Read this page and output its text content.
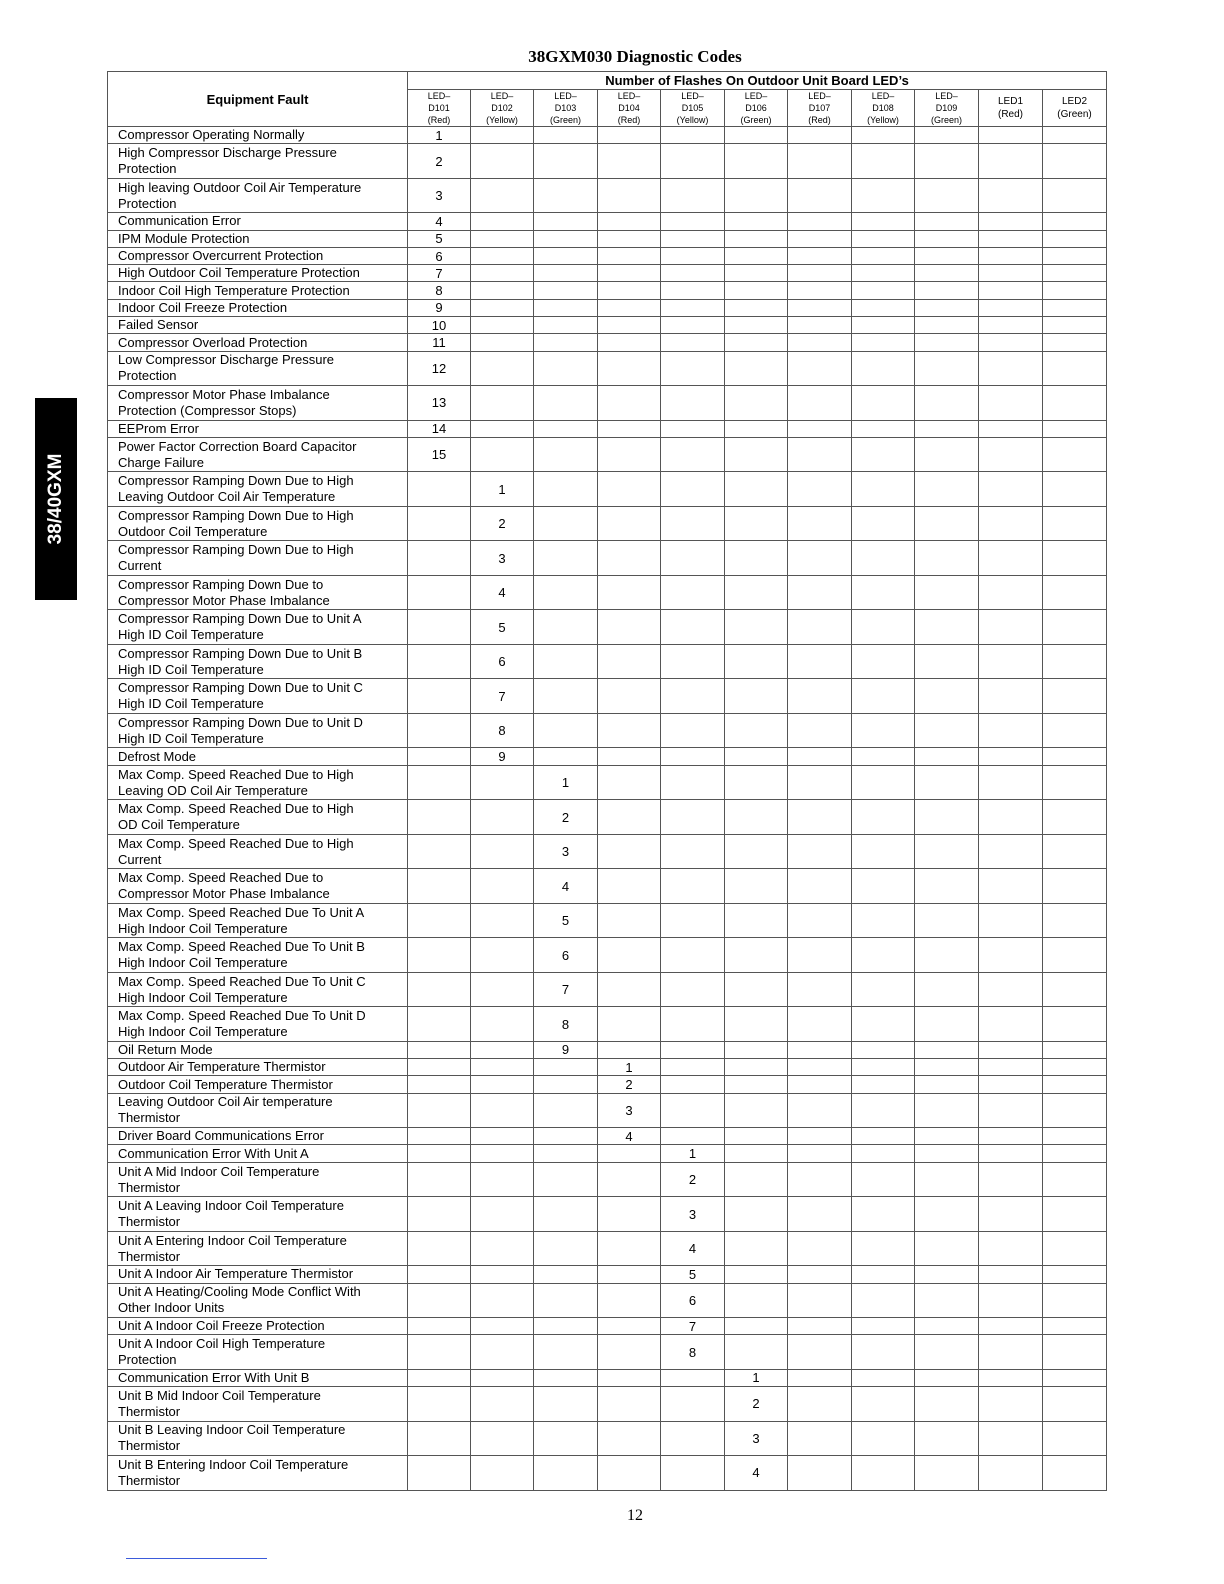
38GXM030 Diagnostic Codes
38/40GXM
Equipment Fault	Number of Flashes On Outdoor Unit Board LED’s										

	LED–
D101
(Red)	LED–
D102
(Yellow)	LED–
D103
(Green)	LED–
D104
(Red)	LED–
D105
(Yellow)	LED–
D106
(Green)	LED–
D107
(Red)	LED–
D108
(Yellow)	LED–
D109
(Green)	LED1
(Red)	LED2
(Green)

Compressor Operating Normally	1										
High Compressor Discharge Pressure
Protection	2										
High leaving Outdoor Coil Air Temperature
Protection	3										
Communication Error	4										
IPM Module Protection	5										
Compressor Overcurrent Protection	6										
High Outdoor Coil Temperature Protection	7										
Indoor Coil High Temperature Protection	8										
Indoor Coil Freeze Protection	9										
Failed Sensor	10										
Compressor Overload Protection	11										
Low Compressor Discharge Pressure
Protection	12										
Compressor Motor Phase Imbalance
Protection (Compressor Stops)	13										
EEProm Error	14										
Power Factor Correction Board Capacitor
Charge Failure	15										
Compressor Ramping Down Due to High
Leaving Outdoor Coil Air Temperature		1									
Compressor Ramping Down Due to High
Outdoor Coil Temperature		2									
Compressor Ramping Down Due to High
Current		3									
Compressor Ramping Down Due to
Compressor Motor Phase Imbalance		4									
Compressor Ramping Down Due to Unit A
High ID Coil Temperature		5									
Compressor Ramping Down Due to Unit B
High ID Coil Temperature		6									
Compressor Ramping Down Due to Unit C
High ID Coil Temperature		7									
Compressor Ramping Down Due to Unit D
High ID Coil Temperature		8									
Defrost Mode		9									
Max Comp. Speed Reached Due to High
Leaving OD Coil Air Temperature			1								
Max Comp. Speed Reached Due to High
OD Coil Temperature			2								
Max Comp. Speed Reached Due to High
Current			3								
Max Comp. Speed Reached Due to
Compressor Motor Phase Imbalance			4								
Max Comp. Speed Reached Due To Unit A
High Indoor Coil Temperature			5								
Max Comp. Speed Reached Due To Unit B
High Indoor Coil Temperature			6								
Max Comp. Speed Reached Due To Unit C
High Indoor Coil Temperature			7								
Max Comp. Speed Reached Due To Unit D
High Indoor Coil Temperature			8								
Oil Return Mode			9								
Outdoor Air Temperature Thermistor				1							
Outdoor Coil Temperature Thermistor				2							
Leaving Outdoor Coil Air temperature
Thermistor				3							
Driver Board Communications Error				4							
Communication Error With Unit A					1						
Unit A Mid Indoor Coil Temperature
Thermistor					2						
Unit A Leaving Indoor Coil Temperature
Thermistor					3						
Unit A Entering Indoor Coil Temperature
Thermistor					4						
Unit A Indoor Air Temperature Thermistor					5						
Unit A Heating/Cooling Mode Conflict With
Other Indoor Units					6						
Unit A Indoor Coil Freeze Protection					7						
Unit A Indoor Coil High Temperature
Protection					8						
Communication Error With Unit B						1					
Unit B Mid Indoor Coil Temperature
Thermistor						2					
Unit B Leaving Indoor Coil Temperature
Thermistor						3					
Unit B Entering Indoor Coil Temperature
Thermistor						4					
12
